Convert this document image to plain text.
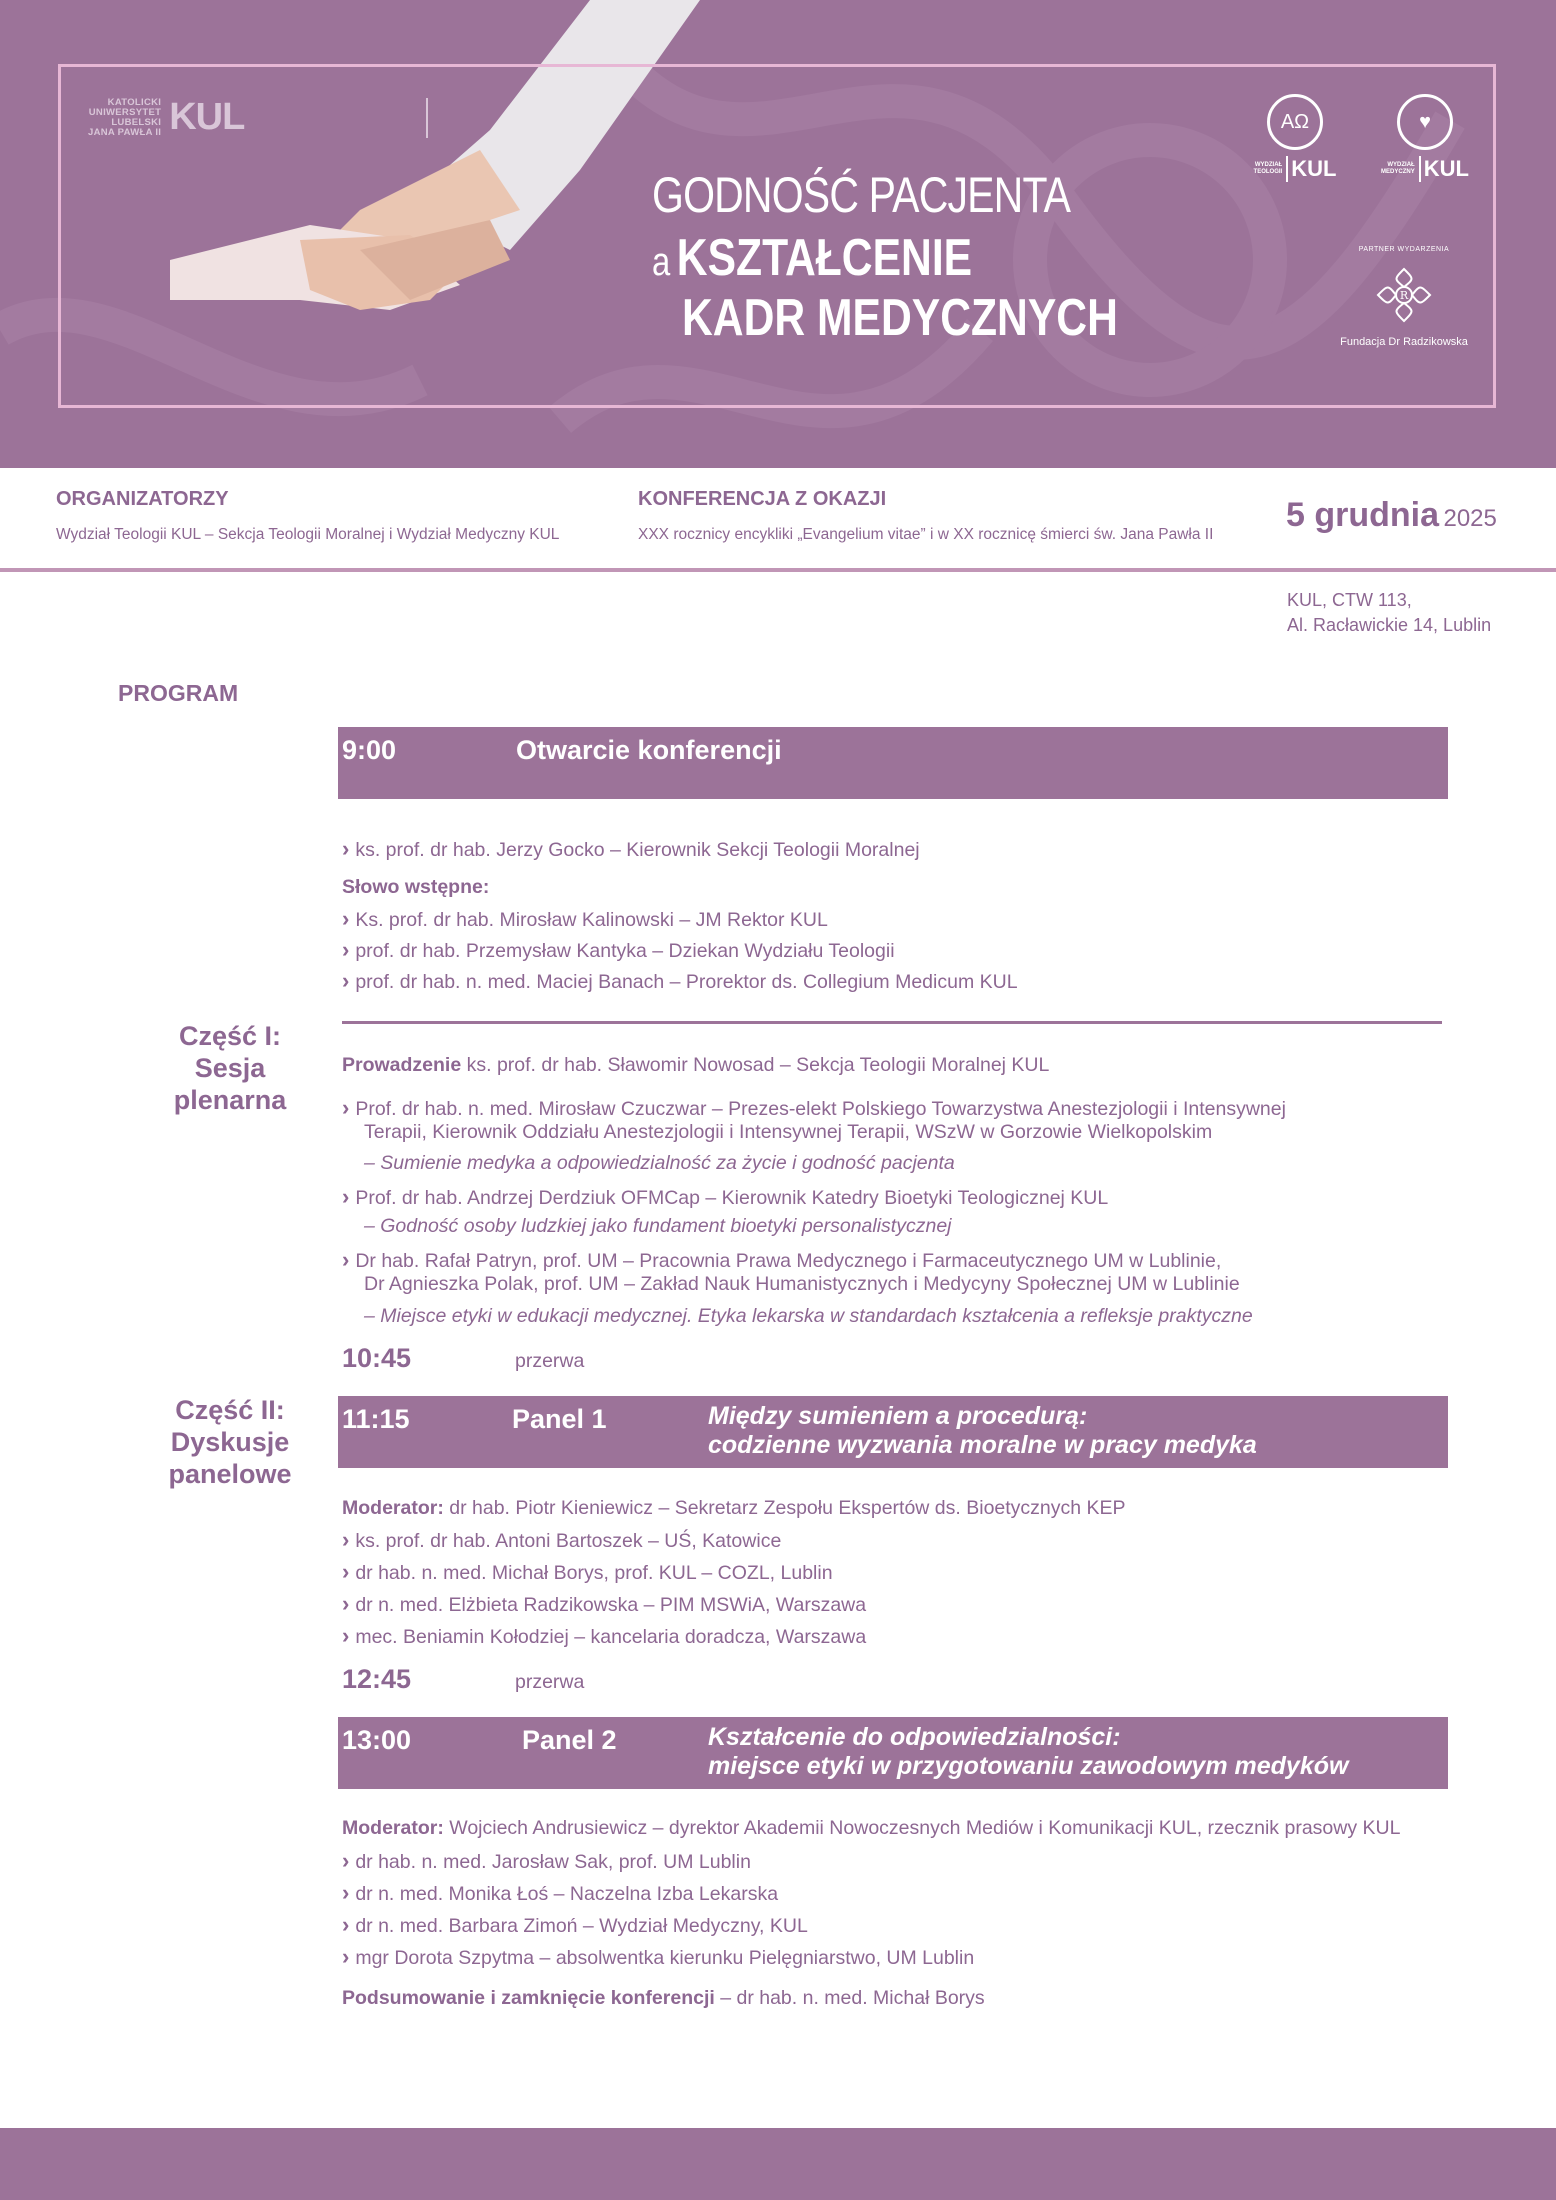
KATOLICKI
UNIWERSYTET
LUBELSKI
JANA PAWŁA II KUL
GODNOŚĆ PACJENTA
a KSZTAŁCENIE
KADR MEDYCZNYCH
AΩ
WYDZIAŁ
TEOLOGII KUL
♥
WYDZIAŁ
MEDYCZNY KUL
PARTNER WYDARZENIA
R
Fundacja Dr Radzikowska
ORGANIZATORZY
Wydział Teologii KUL – Sekcja Teologii Moralnej i Wydział Medyczny KUL
KONFERENCJA Z OKAZJI
XXX rocznicy encykliki „Evangelium vitae” i w XX rocznicę śmierci św. Jana Pawła II
5 grudnia 2025
KUL, CTW 113,
Al. Racławickie 14, Lublin
PROGRAM
9:00	Otwarcie konferencji
› ks. prof. dr hab. Jerzy Gocko – Kierownik Sekcji Teologii Moralnej
Słowo wstępne:
› Ks. prof. dr hab. Mirosław Kalinowski – JM Rektor KUL
› prof. dr hab. Przemysław Kantyka – Dziekan Wydziału Teologii
› prof. dr hab. n. med. Maciej Banach – Prorektor ds. Collegium Medicum KUL
Część I:
Sesja
plenarna
Prowadzenie ks. prof. dr hab. Sławomir Nowosad – Sekcja Teologii Moralnej KUL
› Prof. dr hab. n. med. Mirosław Czuczwar – Prezes-elekt Polskiego Towarzystwa Anestezjologii i Intensywnej
Terapii, Kierownik Oddziału Anestezjologii i Intensywnej Terapii, WSzW w Gorzowie Wielkopolskim
– Sumienie medyka a odpowiedzialność za życie i godność pacjenta
› Prof. dr hab. Andrzej Derdziuk OFMCap – Kierownik Katedry Bioetyki Teologicznej KUL
– Godność osoby ludzkiej jako fundament bioetyki personalistycznej
› Dr hab. Rafał Patryn, prof. UM – Pracownia Prawa Medycznego i Farmaceutycznego UM w Lublinie,
Dr Agnieszka Polak, prof. UM – Zakład Nauk Humanistycznych i Medycyny Społecznej UM w Lublinie
– Miejsce etyki w edukacji medycznej. Etyka lekarska w standardach kształcenia a refleksje praktyczne
10:45	przerwa
Część II:
Dyskusje
panelowe
11:15	Panel 1	Między sumieniem a procedurą:
codzienne wyzwania moralne w pracy medyka
Moderator: dr hab. Piotr Kieniewicz – Sekretarz Zespołu Ekspertów ds. Bioetycznych KEP
› ks. prof. dr hab. Antoni Bartoszek – UŚ, Katowice
› dr hab. n. med. Michał Borys, prof. KUL – COZL, Lublin
› dr n. med. Elżbieta Radzikowska – PIM MSWiA, Warszawa
› mec. Beniamin Kołodziej – kancelaria doradcza, Warszawa
12:45	przerwa
13:00	Panel 2	Kształcenie do odpowiedzialności:
miejsce etyki w przygotowaniu zawodowym medyków
Moderator: Wojciech Andrusiewicz – dyrektor Akademii Nowoczesnych Mediów i Komunikacji KUL, rzecznik prasowy KUL
› dr hab. n. med. Jarosław Sak, prof. UM Lublin
› dr n. med. Monika Łoś – Naczelna Izba Lekarska
› dr n. med. Barbara Zimoń – Wydział Medyczny, KUL
› mgr Dorota Szpytma – absolwentka kierunku Pielęgniarstwo, UM Lublin
Podsumowanie i zamknięcie konferencji – dr hab. n. med. Michał Borys
